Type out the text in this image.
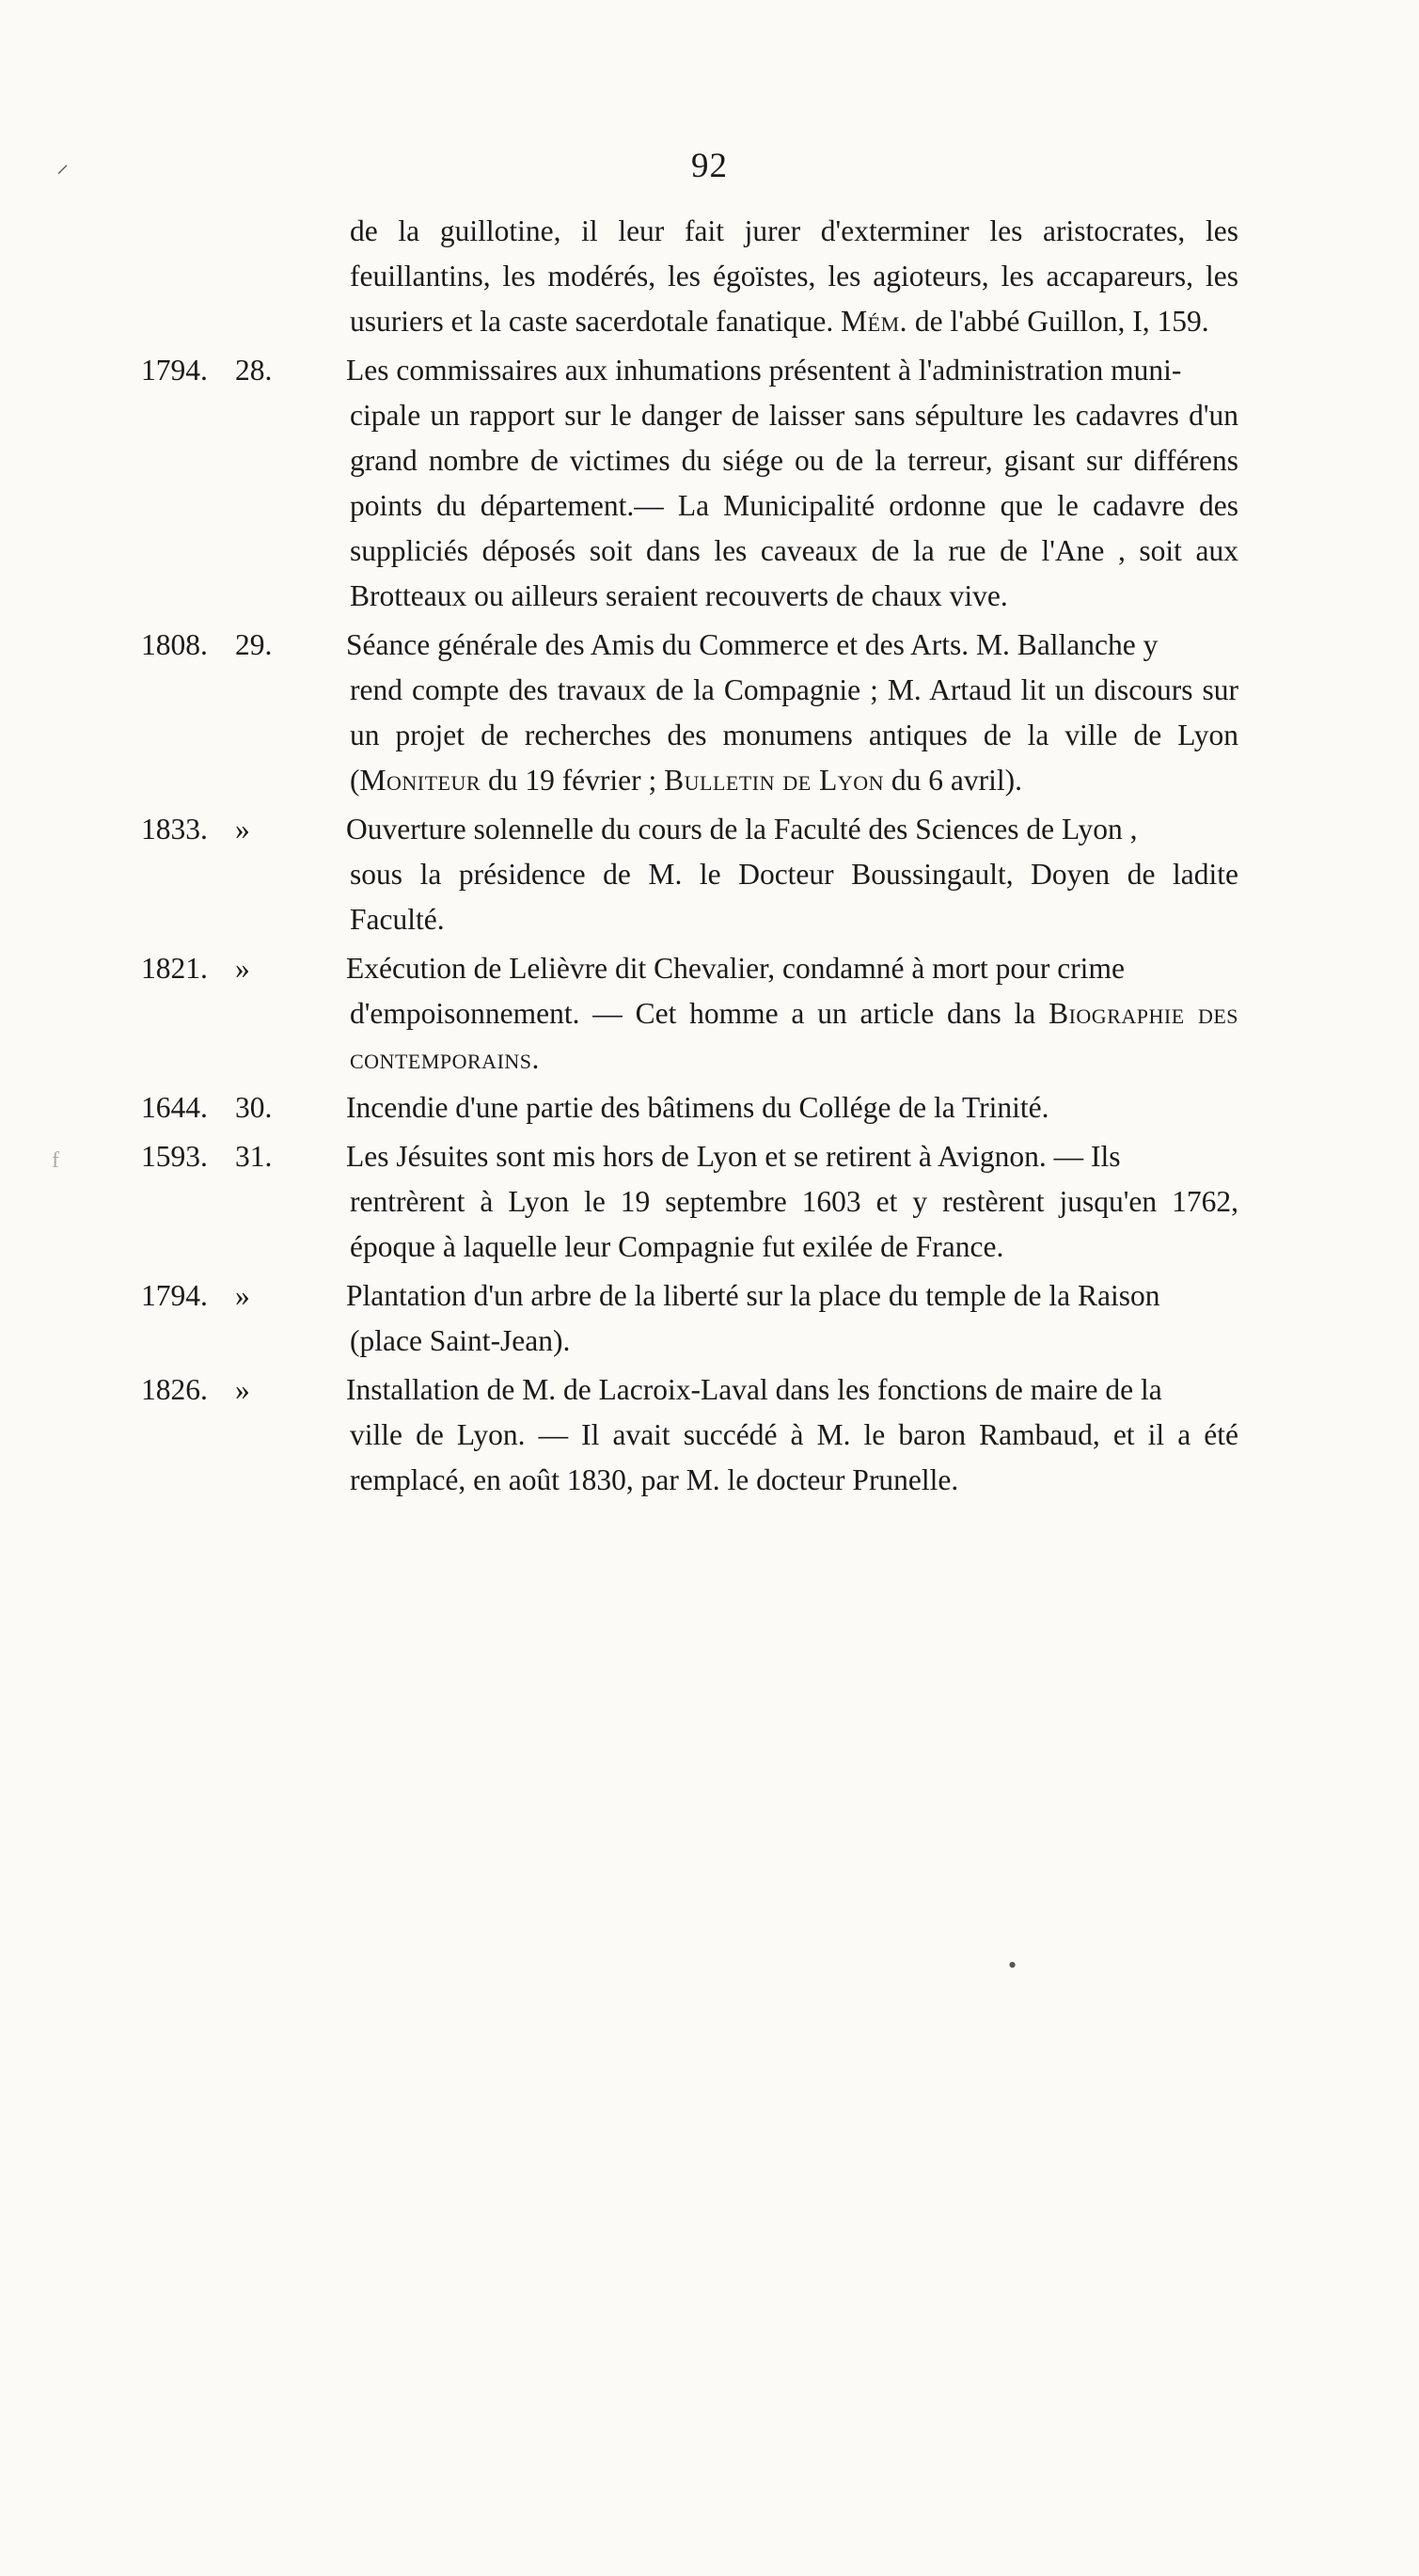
92
⸝
ᶠ
•
de la guillotine, il leur fait jurer d'exterminer les aristocrates, les feuillantins, les modérés, les égoïstes, les agioteurs, les accapareurs, les usuriers et la caste sacerdotale fanatique. Mém. de l'abbé Guillon, I, 159.
1794. 28. Les commissaires aux inhumations présentent à l'administration muni-
cipale un rapport sur le danger de laisser sans sépulture les cadavres d'un grand nombre de victimes du siége ou de la terreur, gisant sur différens points du département.— La Municipalité ordonne que le cadavre des suppliciés déposés soit dans les caveaux de la rue de l'Ane , soit aux Brotteaux ou ailleurs seraient recouverts de chaux vive.
1808. 29. Séance générale des Amis du Commerce et des Arts. M. Ballanche y
rend compte des travaux de la Compagnie ; M. Artaud lit un discours sur un projet de recherches des monumens antiques de la ville de Lyon (Moniteur du 19 février ; Bulletin de Lyon du 6 avril).
1833. »	Ouverture solennelle du cours de la Faculté des Sciences de Lyon ,
sous la présidence de M. le Docteur Boussingault, Doyen de ladite Faculté.
1821. »	Exécution de Lelièvre dit Chevalier, condamné à mort pour crime
d'empoisonnement. — Cet homme a un article dans la Biographie des contemporains.
1644. 30. Incendie d'une partie des bâtimens du Collége de la Trinité.
1593. 31. Les Jésuites sont mis hors de Lyon et se retirent à Avignon. — Ils
rentrèrent à Lyon le 19 septembre 1603 et y restèrent jusqu'en 1762, époque à laquelle leur Compagnie fut exilée de France.
1794. »	Plantation d'un arbre de la liberté sur la place du temple de la Raison
(place Saint-Jean).
1826. »	Installation de M. de Lacroix-Laval dans les fonctions de maire de la
ville de Lyon. — Il avait succédé à M. le baron Rambaud, et il a été remplacé, en août 1830, par M. le docteur Prunelle.
